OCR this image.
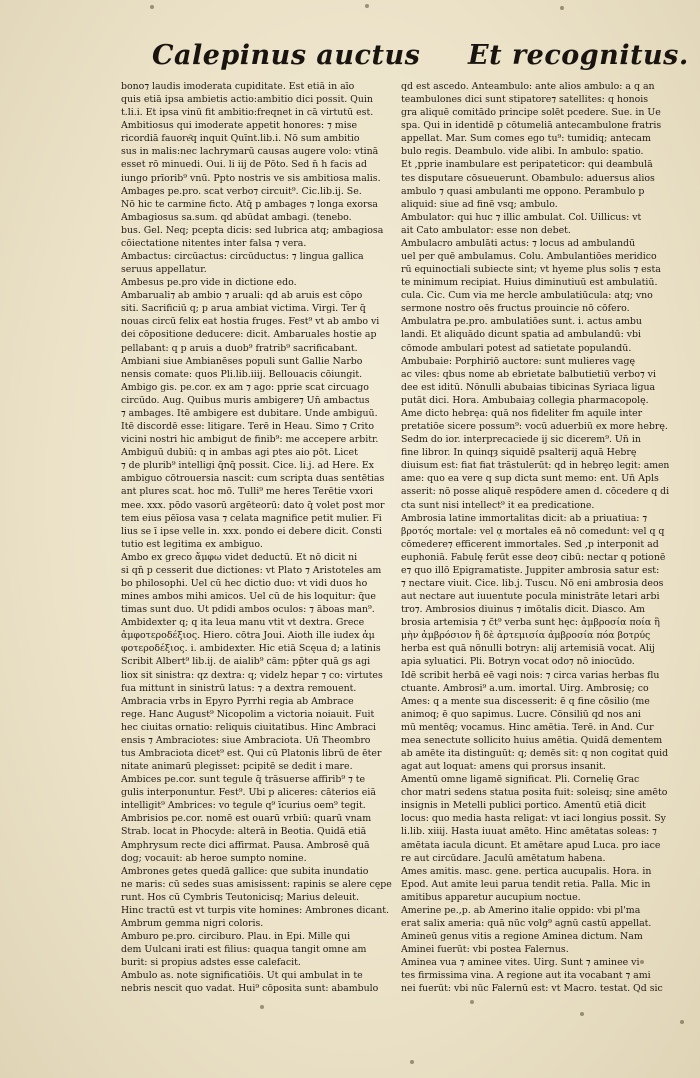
Calepinus auctus Et recognitus.
bono⁊ laudis imoderata cupiditate. Est etiā in aīo
quis etiā ipsa ambietis actio:ambitio dici possit. Quin
t.li.i. Et ipsa vinū fit ambitio:freqnet in cā virtutū est.
Ambitiosus qui imoderate appetit honores: ⁊ mise
ricordiā fauore͂q inquit Quīnt.lib.i. Nō sum ambitio
sus in malis:nec lachrymarū causas augere volo: vtinā
esset rō minuedi. Oui. li iij de Pōto. Sed n̄ h facis ad
iungo prīorib⁹ vnū. Ppto nostris ve sis ambitiosa malis.
Ambages pe.pro. scat verbo⁊ circuit⁹. Cic.lib.ij. Se.
Nō hic te carmine ficto. Atq̄ p ambages ⁊ longa exorsa
Ambagiosus sa.sum. qd abūdat ambagi. (tenebo.
bus. Gel. Neq; pcepta dicis: sed lubrica atq; ambagiosa
cōiectatione nitentes inter falsa ⁊ vera.
Ambactus: circūactus: circūductus: ⁊ lingua gallica
seruus appellatur.
Ambesus pe.pro vide in dictione edo.
Ambaruali⁊ ab ambio ⁊ aruali: qd ab aruis est cōpo
siti. Sacrificiū q; p arua ambiat victima. Virgi. Ter q̄
nouas circū felix eat hostia fruges. Fest⁹ vt ab ambo vi
dei cōpositione deducere: dicit. Ambaruales hostie ap
pellabant: q p aruis a duob⁹ fratrib⁹ sacrificabant.
Ambiani siue Ambianēses populi sunt Gallie Narbo
nensis comate: quos Pli.lib.iiij. Bellouacis cōiungit.
Ambigo gis. pe.cor. ex am ⁊ ago: pprie scat circuago
circūdo. Aug. Quibus muris ambigere⁊ Un̄ ambactus
⁊ ambages. Itē ambigere est dubitare. Unde ambiguū.
Itē discordē esse: litigare. Terē in Heau. Simo ⁊ Crito
vicini nostri hic ambigut de finib⁹: me accepere arbitr.
Ambiguū dubiū: q in ambas agi ptes aio pōt. Licet
⁊ de plurib⁹ intelligi q̄nq̄ possit. Cice. li.j. ad Here. Ex
ambiguo cōtrouersia nascit: cum scripta duas sentētias
ant plures scat. hoc mō. Tulli⁹ me heres Terētie vxori
mee. xxx. pōdo vasorū argēteorū: dato q̄ volet post mor
tem eius pēīosa vasa ⁊ celata magnifice petit mulier. Fi
lius se ī ipse velle in. xxx. pondo ei debere dicit. Consti
tutio est legitima ex ambiguo.
Ambo ex greco ἄμφω videt deductū. Et nō dicit ni
si qn̄ p cesserit due dictiones: vt Plato ⁊ Aristoteles am
bo philosophi. Uel cū hec dictio duo: vt vidi duos ho
mines ambos mihi amicos. Uel cū de his loquitur: q̄ue
timas sunt duo. Ut pdidi ambos oculos: ⁊ āboas man⁹.
Ambidexter q; q ita leua manu vtit vt dextra. Grece
ἀμφοτεροδέξιος. Hiero. cōtra Joui. Aioth ille iudex ἀμ
φοτεροδέξιος. i. ambidexter. Hic etiā Scęua d; a latinis
Scribit Albert⁹ lib.ij. de aialib⁹ cām: pp̄ter quā gs agi
liox sit sinistra: qz dextra: q; videlz hepar ⁊ co: virtutes
fua mittunt in sinistrū latus: ⁊ a dextra remouent.
Ambracia vrbs in Epyro Pyrrhi regia ab Ambrace
rege. Hanc August⁹ Nicopolim a victoria noiauit. Fuit
hec ciuitas ornatio: reliquis ciuitatibus. Hinc Ambraci
ensis ⁊ Ambraciotes: siue Ambraciota. Un̄ Theombro
tus Ambraciota dicet⁹ est. Qui cū Platonis librū de ēter
nitate animarū plegisset: pcipitē se dedit i mare.
Ambices pe.cor. sunt tegule q̄ trāsuerse affirib⁹ ⁊ te
gulis interponuntur. Fest⁹. Ubi p aliceres: cāterios eiā
intelligit⁹ Ambrices: vo tegule q⁹ īcurius oem⁹ tegit.
Ambrisios pe.cor. nomē est ouarū vrbiū: quarū vnam
Strab. locat in Phocyde: alterā in Beotia. Quidā etiā
Amphrysum recte dici affirmat. Pausa. Ambrosē quā
dog; vocauit: ab heroe sumpto nomine.
Ambrones getes quedā gallice: que subita inundatio
ne maris: cū sedes suas amisissent: rapinis se alere cępe
runt. Hos cū Cymbris Teutonicisq; Marius deleuit.
Hinc tractū est vt turpis vite homines: Ambrones dicant.
Ambrum gemma nigri coloris.
Amburo pe.pro. circiburo. Plau. in Epi. Mille qui
dem Uulcani irati est filius: quaqua tangit omne am
burit: si propius adstes esse calefacit.
Ambulo as. note significatiōis. Ut qui ambulat in te
nebris nescit quo vadat. Hui⁹ cōposita sunt: abambulo
qd est ascedo. Anteambulo: ante alios ambulo: a q an
teambulones dici sunt stipatore⁊ satellites: q honois
gra aliquē comitādo principe solēt pcedere. Sue. in Ue
spa. Qui in identidē p cōtumeliā antecambulone fratris
appellat. Mar. Sum comes ego tu⁹: tumidiq; antecam
bulo regis. Deambulo. vide alibi. In ambulo: spatio.
Et ,pprie inambulare est peripateticor: qui deambulā
tes disputare cōsueuerunt. Obambulo: aduersus alios
ambulo ⁊ quasi ambulanti me oppono. Perambulo p
aliquid: siue ad finē vsq; ambulo.
Ambulator: qui huc ⁊ illic ambulat. Col. Uillicus: vt
ait Cato ambulator: esse non debet.
Ambulacro ambulāti actus: ⁊ locus ad ambulandū
uel per quē ambulamus. Colu. Ambulantiōes meridico
rū equinoctiali subiecte sint; vt hyeme plus solis ⁊ esta
te minimum recipiat. Huius diminutiuū est ambulatiū.
cula. Cic. Cum via me hercle ambulatiūcula: atq; vno
sermone nostro oēs fructus prouincie nō cōfero.
Ambulatra pe.pro. ambulatiōes sunt. i. actus ambu
landi. Et aliquādo dicunt spatia ad ambulandū: vbi
cōmode ambulari potest ad satietate populandū.
Ambubaie: Porphiriō auctore: sunt mulieres vagę
ac viles: qbus nome ab ebrietate balbutietiū verbo⁊ vi
dee est iditū. Nōnulli abubaias tibicinas Syriaca ligua
putāt dici. Hora. Ambubaiaȝ collegia pharmacopolę.
Ame dicto hebręa: quā nos fideliter fm aquile inter
pretatiōe sicere possum⁹: vocū aduerbiū ex more hebrę.
Sedm do ior. interprecaciede ij sic dicerem⁹. Un̄ in
fine libror. In quinqȝ siquidē psalterij aquā Hebrę
diuisum est: fiat fiat trāstulerūt: qd in hebręo legit: amen
ame: quo ea vere q sup dicta sunt memo: ent. Un̄ Apls
asserit: nō posse aliquē respōdere amen d. cōcedere q di
cta sunt nisi intellect⁹ it ea predicatione.
Ambrosia latine immortalitas dicit: ab a priuatiua: ⁊
βροτός mortale: vel ᾳ mortales eā nō comedunt: vel q q
cōmedere⁊ efficerent immortales. Sed ,p interponit ad
euphoniā. Fabulę ferūt esse deo⁊ cibū: nectar q potionē
e⁊ quo illō Epigramatiste. Juppiter ambrosia satur est:
⁊ nectare viuit. Cice. lib.j. Tuscu. Nō eni ambrosia deos
aut nectare aut iuuentute pocula ministrāte letari arbi
tro⁊. Ambrosios diuinus ⁊ imōtalis dicit. Diasco. Am
brosia artemisia ⁊ c̄t⁹ verba sunt hęc: ἀμβροσία ποία ἣ
μὴν ἀμβρόσιον ἢ δὲ ἀρτεμισία ἀμβροσία πόα βοτρύς
herba est quā nōnulli botryn: alij artemisiā vocat. Alij
apia syluatici. Pli. Botryn vocat odo⁊ nō iniocūdo.
Idē scribit herbā eē vagi nois: ⁊ circa varias herbas flu
ctuante. Ambrosi⁹ a.um. imortal. Uirg. Ambrosię; co
Ames: q a mente sua discesserit: ē q fine cōsilio (me
animoq; ē quo sapimus. Lucre. Cōnsiliū qd nos ani
mū mentēq; vocamus. Hinc amētia. Terē. in And. Cur
mea senectute sollicito huius amētia. Quidā dementem
ab amēte ita distinguūt: q; demēs sit: q non cogitat quid
agat aut loquat: amens qui prorsus insanit.
Amentū omne ligamē significat. Pli. Cornelię Grac
chor matri sedens statua posita fuit: soleisq; sine amēto
insignis in Metelli publici portico. Amentū etiā dicit
locus: quo media hasta religat: vt iaci longius possit. Sy
li.lib. xiiij. Hasta iuuat amēto. Hinc amētatas soleas: ⁊
amētata iacula dicunt. Et amētare apud Luca. pro iace
re aut circūdare. Jaculū amētatum habena.
Ames amitis. masc. gene. pertica aucupalis. Hora. in
Epod. Aut amite leui parua tendit retia. Palla. Mic in
amitibus apparetur aucupium noctue.
Amerine pe.,p. ab Amerino italie oppido: vbi pl'ma
erat salix ameria: quā nūc volg⁹ agnū castū appellat.
Amineū genus vitis a regione Aminea dictum. Nam
Aminei fuerūt: vbi postea Falernus.
Aminea vua ⁊ aminee vites. Uirg. Sunt ⁊ aminee vi
tes firmissima vina. A regione aut ita vocabant ⁊ ami
nei fuerūt: vbi nūc Falernū est: vt Macro. testat. Qd sic
